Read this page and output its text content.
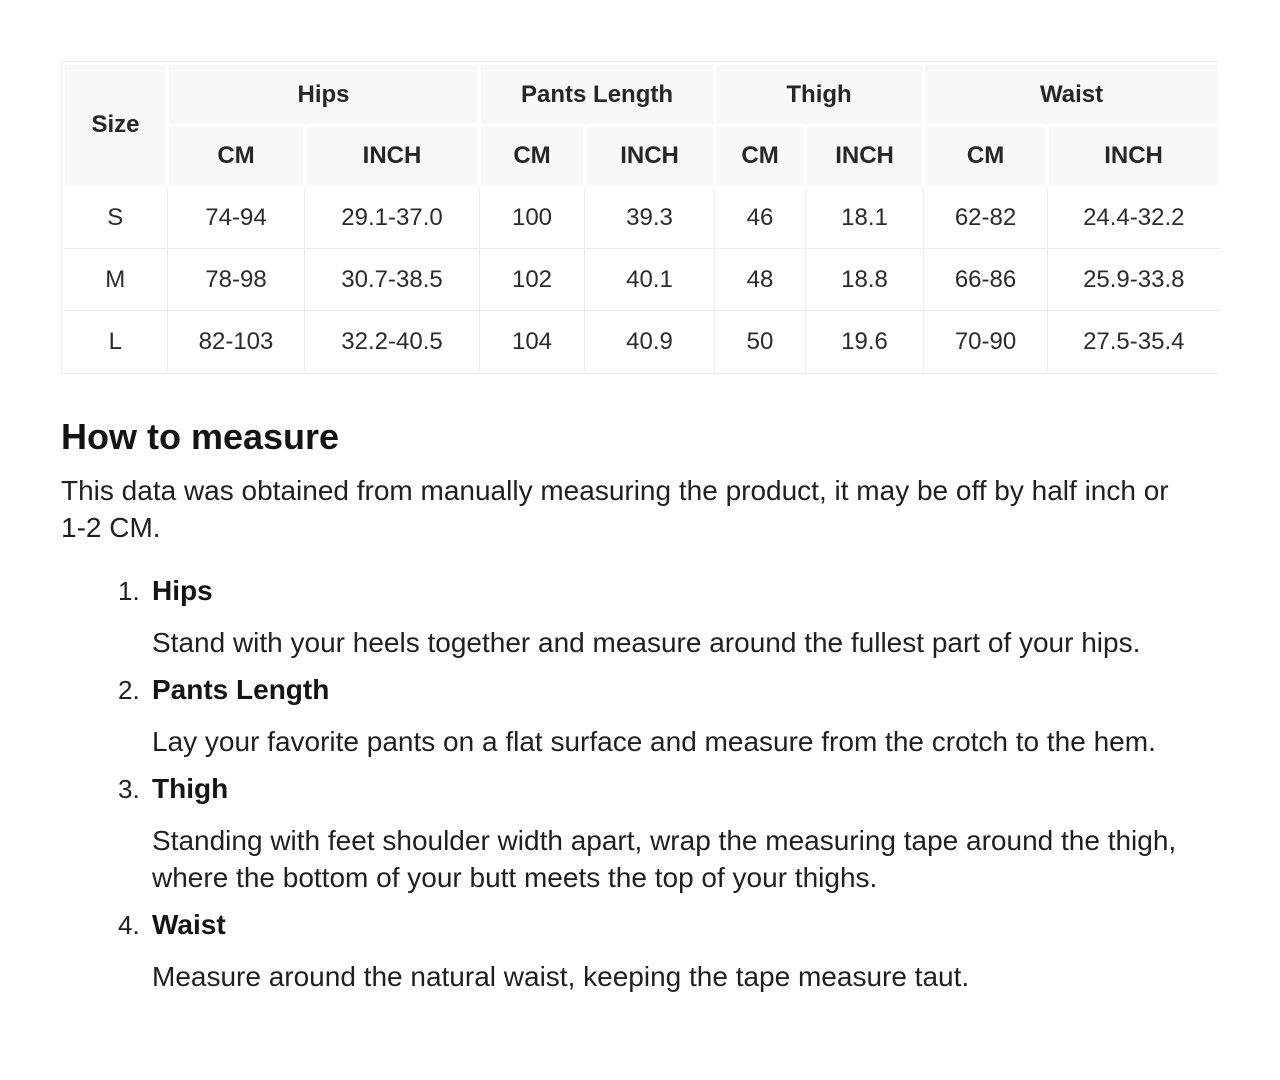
Size	Hips		Pants Length		Thigh		Waist	
	CM	INCH	CM	INCH	CM	INCH	CM	INCH
S	74-94	29.1-37.0	100	39.3	46	18.1	62-82	24.4-32.2
M	78-98	30.7-38.5	102	40.1	48	18.8	66-86	25.9-33.8
L	82-103	32.2-40.5	104	40.9	50	19.6	70-90	27.5-35.4
How to measure

This data was obtained from manually measuring the product, it may be off by half inch or 1-2 CM.

1. Hips
Stand with your heels together and measure around the fullest part of your hips.
2. Pants Length
Lay your favorite pants on a flat surface and measure from the crotch to the hem.
3. Thigh
Standing with feet shoulder width apart, wrap the measuring tape around the thigh, where the bottom of your butt meets the top of your thighs.
4. Waist
Measure around the natural waist, keeping the tape measure taut.
